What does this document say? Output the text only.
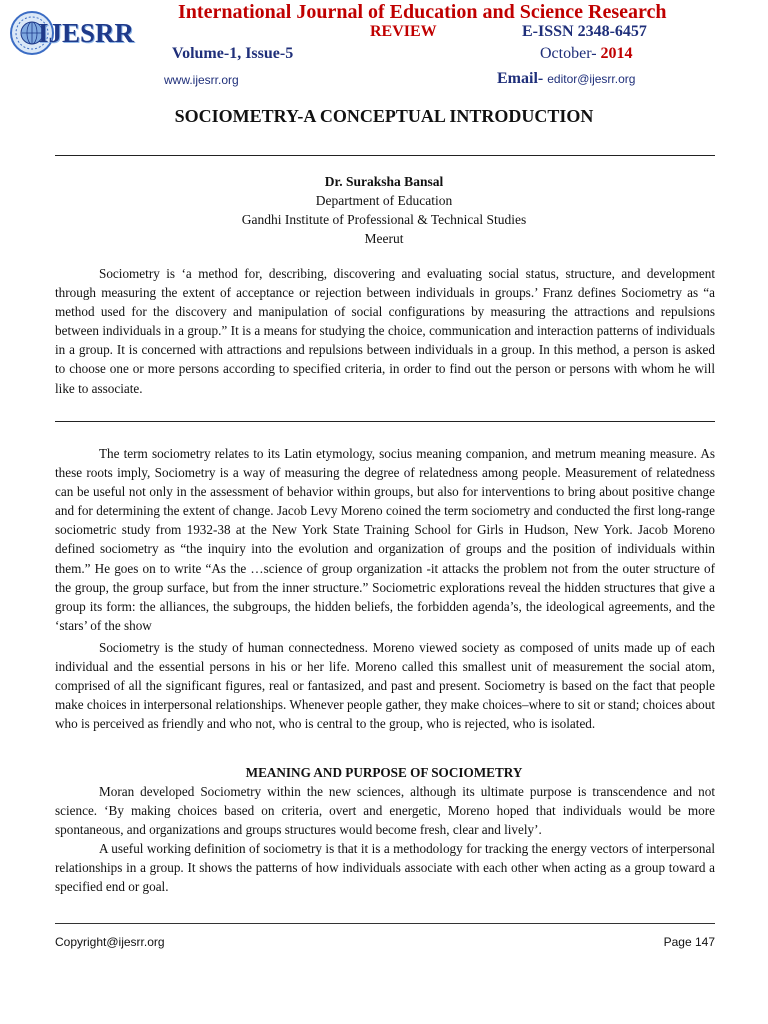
IJESRR
International Journal of Education and Science Research
REVIEW	E-ISSN 2348-6457
Volume-1, Issue-5	October- 2014
www.ijesrr.org	Email- editor@ijesrr.org
SOCIOMETRY-A CONCEPTUAL INTRODUCTION
Dr. Suraksha Bansal
Department of Education
Gandhi Institute of Professional & Technical Studies
Meerut
Sociometry is ‘a method for, describing, discovering and evaluating social status, structure, and development through measuring the extent of acceptance or rejection between individuals in groups.’ Franz defines Sociometry as “a method used for the discovery and manipulation of social configurations by measuring the attractions and repulsions between individuals in a group.” It is a means for studying the choice, communication and interaction patterns of individuals in a group. It is concerned with attractions and repulsions between individuals in a group. In this method, a person is asked to choose one or more persons according to specified criteria, in order to find out the person or persons with whom he will like to associate.
The term sociometry relates to its Latin etymology, socius meaning companion, and metrum meaning measure. As these roots imply, Sociometry is a way of measuring the degree of relatedness among people. Measurement of relatedness can be useful not only in the assessment of behavior within groups, but also for interventions to bring about positive change and for determining the extent of change. Jacob Levy Moreno coined the term sociometry and conducted the first long-range sociometric study from 1932-38 at the New York State Training School for Girls in Hudson, New York. Jacob Moreno defined sociometry as “the inquiry into the evolution and organization of groups and the position of individuals within them.” He goes on to write “As the …science of group organization -it attacks the problem not from the outer structure of the group, the group surface, but from the inner structure.” Sociometric explorations reveal the hidden structures that give a group its form: the alliances, the subgroups, the hidden beliefs, the forbidden agenda’s, the ideological agreements, and the ‘stars’ of the show
Sociometry is the study of human connectedness. Moreno viewed society as composed of units made up of each individual and the essential persons in his or her life. Moreno called this smallest unit of measurement the social atom, comprised of all the significant figures, real or fantasized, and past and present. Sociometry is based on the fact that people make choices in interpersonal relationships. Whenever people gather, they make choices–where to sit or stand; choices about who is perceived as friendly and who not, who is central to the group, who is rejected, who is isolated.
MEANING AND PURPOSE OF SOCIOMETRY
Moran developed Sociometry within the new sciences, although its ultimate purpose is transcendence and not science. ‘By making choices based on criteria, overt and energetic, Moreno hoped that individuals would be more spontaneous, and organizations and groups structures would become fresh, clear and lively’.
A useful working definition of sociometry is that it is a methodology for tracking the energy vectors of interpersonal relationships in a group. It shows the patterns of how individuals associate with each other when acting as a group toward a specified end or goal.
Copyright@ijesrr.org	Page 147
